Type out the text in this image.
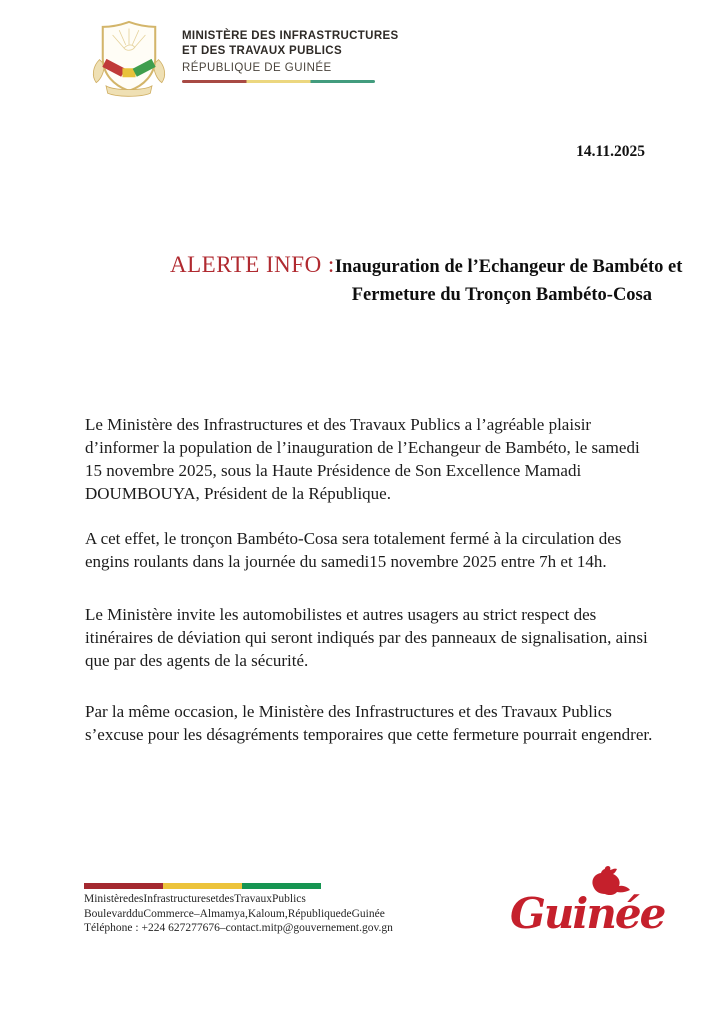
MINISTÈRE DES INFRASTRUCTURES
ET DES TRAVAUX PUBLICS
RÉPUBLIQUE DE GUINÉE
14.11.2025
ALERTE INFO : Inauguration de l’Echangeur de Bambéto et
Fermeture du Tronçon Bambéto-Cosa

Le Ministère des Infrastructures et des Travaux Publics a l’agréable plaisir d’informer la population de l’inauguration de l’Echangeur de Bambéto, le samedi 15 novembre 2025, sous la Haute Présidence de Son Excellence Mamadi DOUMBOUYA, Président de la République.

A cet effet, le tronçon Bambéto-Cosa sera totalement fermé à la circulation des engins roulants dans la journée du samedi15 novembre 2025 entre 7h et 14h.

Le Ministère invite les automobilistes et autres usagers au strict respect des itinéraires de déviation qui seront indiqués par des panneaux de signalisation, ainsi que par des agents de la sécurité.

Par la même occasion, le Ministère des Infrastructures et des Travaux Publics s’excuse pour les désagréments temporaires que cette fermeture pourrait engendrer.

MinistèredesInfrastructuresetdesTravauxPublics
BoulevardduCommerce–Almamya,Kaloum,RépubliquedeGuinée
Téléphone : +224 627277676–contact.mitp@gouvernement.gov.gn	Guinée
